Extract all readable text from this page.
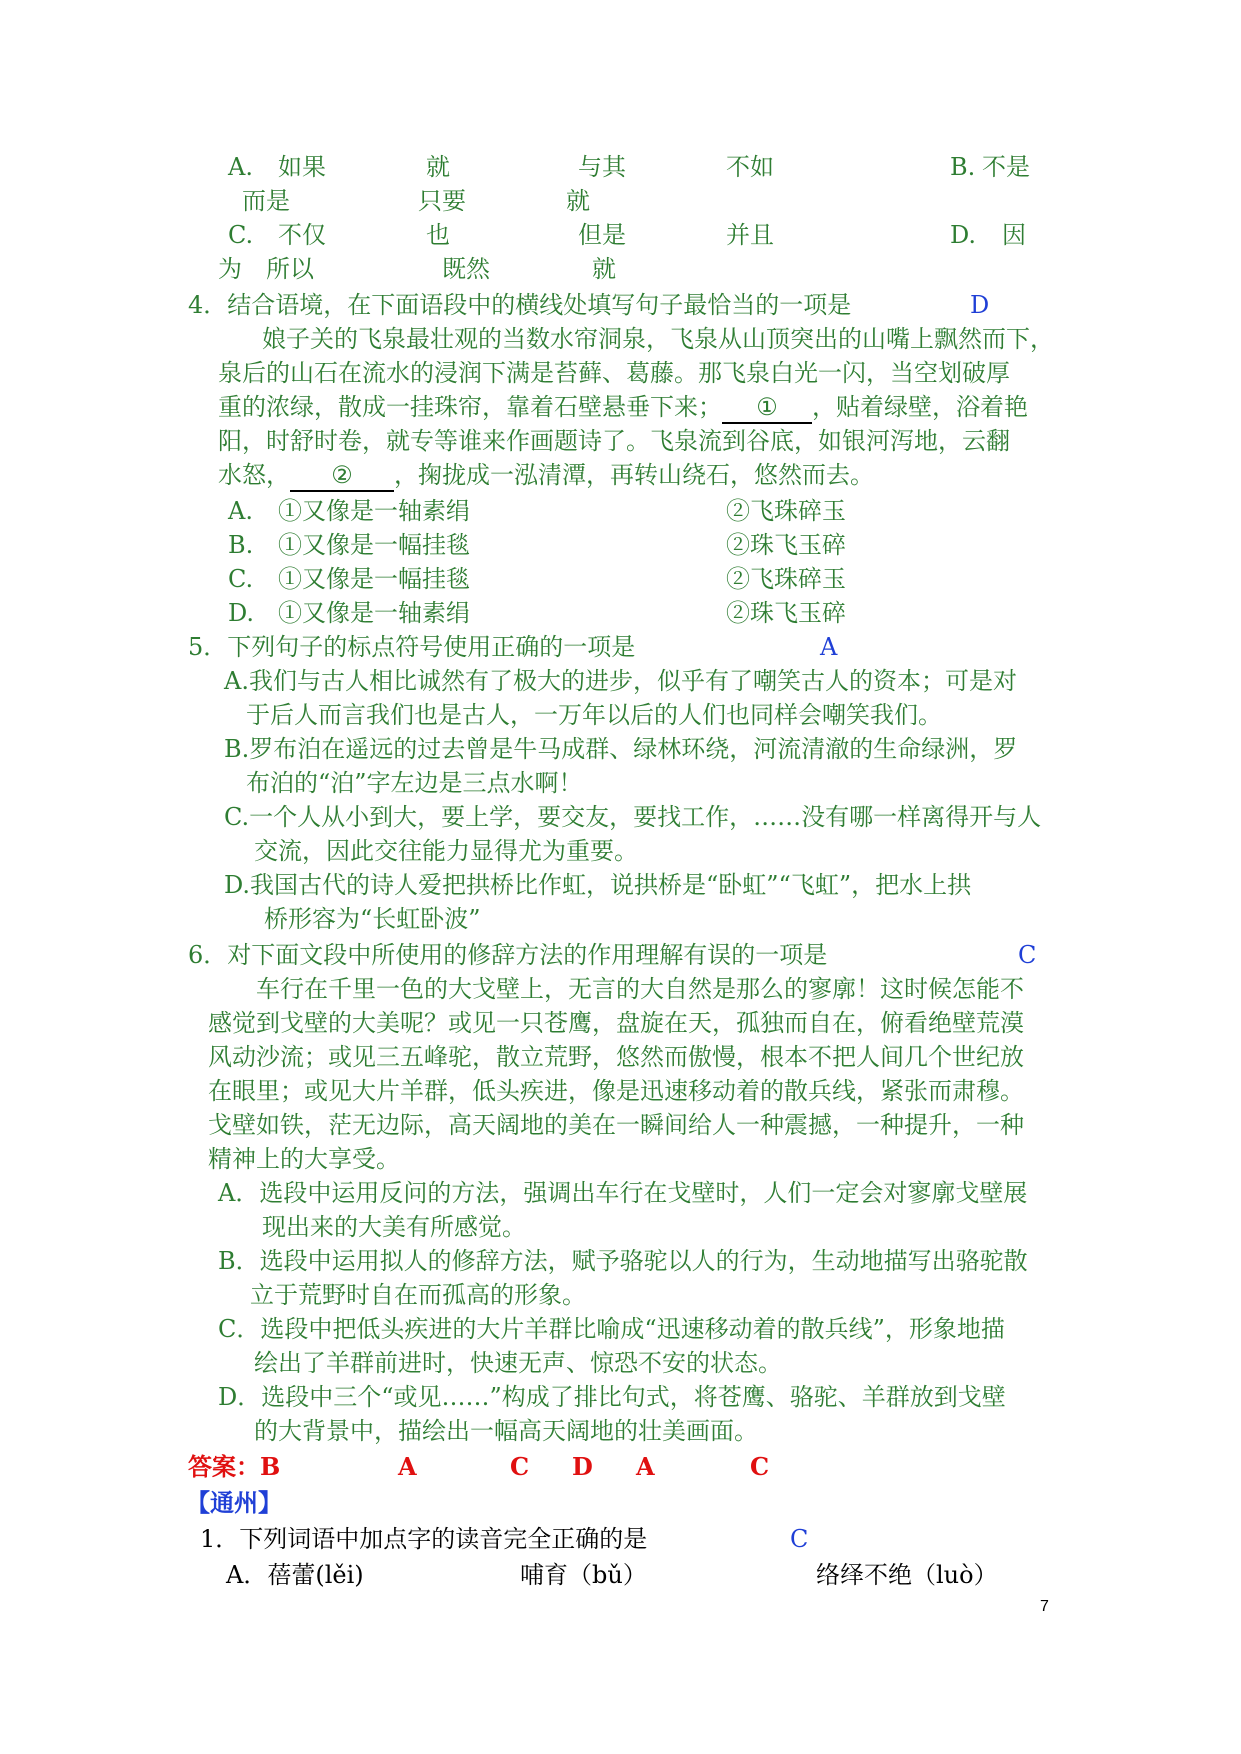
A. 如果	就	与其	不如	B. 不是
而是	只要	就
C. 不仅	也	但是	并且	D. 因
为 所以	既然	就
4．结合语境，在下面语段中的横线处填写句子最恰当的一项是	D
娘子关的飞泉最壮观的当数水帘洞泉，飞泉从山顶突出的山嘴上飘然而下，
泉后的山石在流水的浸润下满是苔藓、葛藤。那飞泉白光一闪，当空划破厚
重的浓绿，散成一挂珠帘，靠着石壁悬垂下来； ① ，贴着绿壁，浴着艳
阳，时舒时卷，就专等谁来作画题诗了。飞泉流到谷底，如银河泻地，云翻
水怒， ② ，掬拢成一泓清潭，再转山绕石，悠然而去。
A. ①又像是一轴素绢	②飞珠碎玉
B. ①又像是一幅挂毯	②珠飞玉碎
C. ①又像是一幅挂毯	②飞珠碎玉
D. ①又像是一轴素绢	②珠飞玉碎
5．下列句子的标点符号使用正确的一项是	A
A.我们与古人相比诚然有了极大的进步，似乎有了嘲笑古人的资本；可是对
于后人而言我们也是古人，一万年以后的人们也同样会嘲笑我们。
B.罗布泊在遥远的过去曾是牛马成群、绿林环绕，河流清澈的生命绿洲，罗
布泊的“泊”字左边是三点水啊！
C.一个人从小到大，要上学，要交友，要找工作，……没有哪一样离得开与人
交流，因此交往能力显得尤为重要。
D.我国古代的诗人爱把拱桥比作虹，说拱桥是“卧虹”“飞虹”，把水上拱
桥形容为“长虹卧波”
6．对下面文段中所使用的修辞方法的作用理解有误的一项是	C
车行在千里一色的大戈壁上，无言的大自然是那么的寥廓！这时候怎能不
感觉到戈壁的大美呢？或见一只苍鹰，盘旋在天，孤独而自在，俯看绝壁荒漠
风动沙流；或见三五峰驼，散立荒野，悠然而傲慢，根本不把人间几个世纪放
在眼里；或见大片羊群，低头疾进，像是迅速移动着的散兵线，紧张而肃穆。
戈壁如铁，茫无边际，高天阔地的美在一瞬间给人一种震撼，一种提升，一种
精神上的大享受。
A．选段中运用反问的方法，强调出车行在戈壁时，人们一定会对寥廓戈壁展
现出来的大美有所感觉。
B．选段中运用拟人的修辞方法，赋予骆驼以人的行为，生动地描写出骆驼散
立于荒野时自在而孤高的形象。
C．选段中把低头疾进的大片羊群比喻成“迅速移动着的散兵线”，形象地描
绘出了羊群前进时，快速无声、惊恐不安的状态。
D．选段中三个“或见……”构成了排比句式，将苍鹰、骆驼、羊群放到戈壁
的大背景中，描绘出一幅高天阔地的壮美画面。
答案： B	A	C D A	C
【通州】
1．下列词语中加点字的读音完全正确的是	C
A．蓓蕾(lěi)	哺育（bǔ）	络绎不绝（luò）
7
